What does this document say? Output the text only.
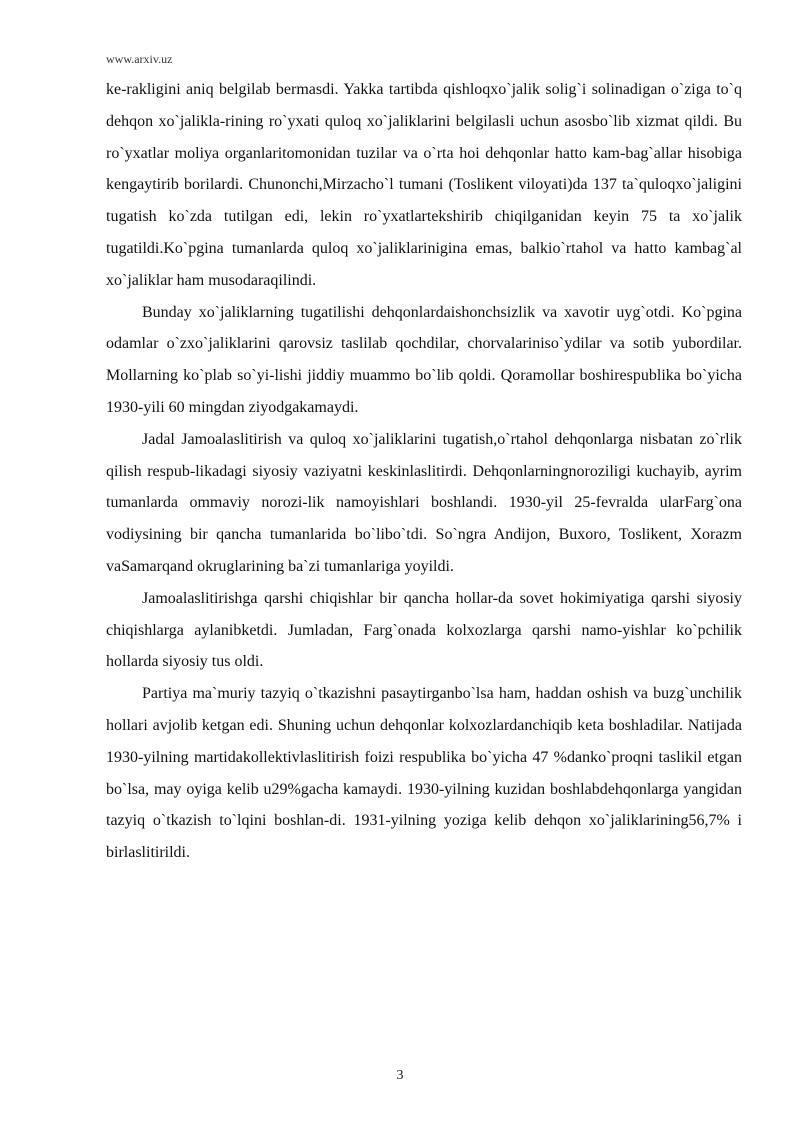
www.arxiv.uz

ke-rakligini aniq belgilab bermasdi. Yakka tartibda qishloqxo`jalik solig`i solinadigan o`ziga to`q dehqon xo`jalikla-rining ro`yxati quloq xo`jaliklarini belgilasli uchun asosbo`lib xizmat qildi. Bu ro`yxatlar moliya organlaritomonidan tuzilar va o`rta hoi dehqonlar hatto kam-bag`allar hisobiga kengaytirib borilardi. Chunonchi,Mirzacho`l tumani (Toslikent viloyati)da 137 ta`quloqxo`jaligini tugatish ko`zda tutilgan edi, lekin ro`yxatlartekshirib chiqilganidan keyin 75 ta xo`jalik tugatildi.Ko`pgina tumanlarda quloq xo`jaliklarinigina emas, balkio`rtahol va hatto kambag`al xo`jaliklar ham musodaraqilindi.

Bunday xo`jaliklarning tugatilishi dehqonlardaishonchsizlik va xavotir uyg`otdi. Ko`pgina odamlar o`zxo`jaliklarini qarovsiz taslilab qochdilar, chorvalariniso`ydilar va sotib yubordilar. Mollarning ko`plab so`yi-lishi jiddiy muammo bo`lib qoldi. Qoramollar boshirespublika bo`yicha 1930-yili 60 mingdan ziyodgakamaydi.

Jadal Jamoalaslitirish va quloq xo`jaliklarini tugatish,o`rtahol dehqonlarga nisbatan zo`rlik qilish respub-likadagi siyosiy vaziyatni keskinlaslitirdi. Dehqonlarningnoroziligi kuchayib, ayrim tumanlarda ommaviy norozi-lik namoyishlari boshlandi. 1930-yil 25-fevralda ularFarg`ona vodiysining bir qancha tumanlarida bo`libo`tdi. So`ngra Andijon, Buxoro, Toslikent, Xorazm vaSamarqand okruglarining ba`zi tumanlariga yoyildi.

Jamoalaslitirishga qarshi chiqishlar bir qancha hollar-da sovet hokimiyatiga qarshi siyosiy chiqishlarga aylanibketdi. Jumladan, Farg`onada kolxozlarga qarshi namo-yishlar ko`pchilik hollarda siyosiy tus oldi.

Partiya ma`muriy tazyiq o`tkazishni pasaytirganbo`lsa ham, haddan oshish va buzg`unchilik hollari avjolib ketgan edi. Shuning uchun dehqonlar kolxozlardanchiqib keta boshladilar. Natijada 1930-yilning martidakollektivlaslitirish foizi respublika bo`yicha 47 %danko`proqni taslikil etgan bo`lsa, may oyiga kelib u29%gacha kamaydi. 1930-yilning kuzidan boshlabdehqonlarga yangidan tazyiq o`tkazish to`lqini boshlan-di. 1931-yilning yoziga kelib dehqon xo`jaliklarining56,7% i birlaslitirildi.

3
